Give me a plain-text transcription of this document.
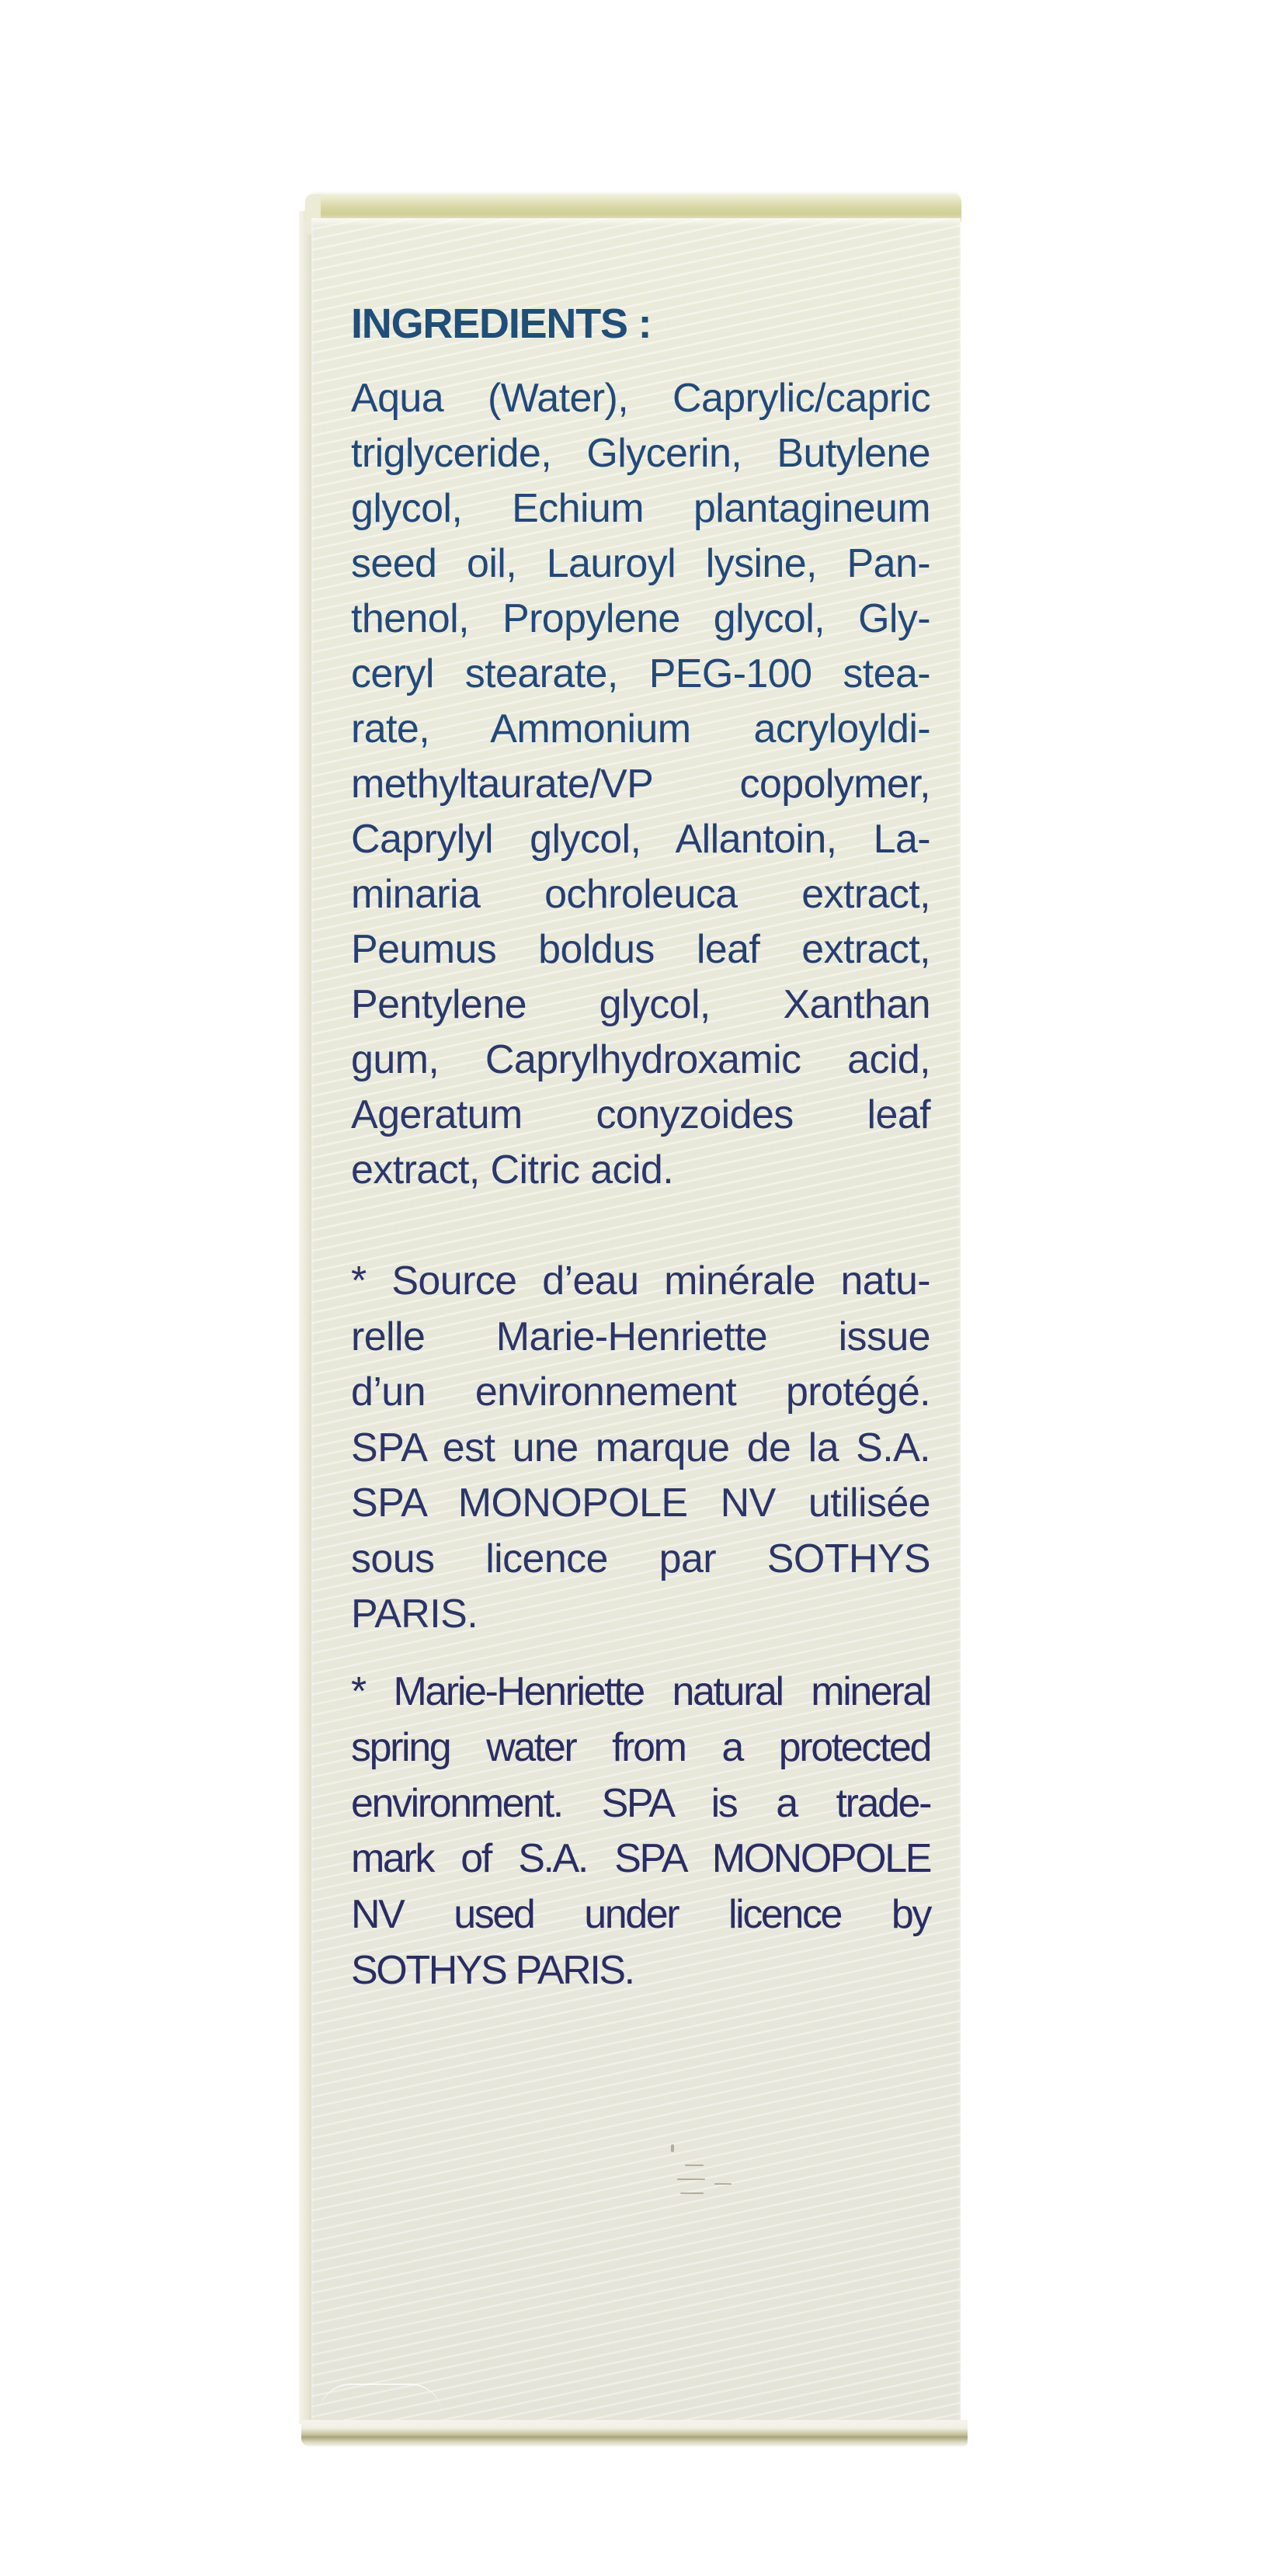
INGREDIENTS :
Aqua (Water), Caprylic/capric
triglyceride, Glycerin, Butylene
glycol, Echium plantagineum
seed oil, Lauroyl lysine, Pan-
thenol, Propylene glycol, Gly-
ceryl stearate, PEG-100 stea-
rate, Ammonium acryloyldi-
methyltaurate/VP copolymer,
Caprylyl glycol, Allantoin, La-
minaria ochroleuca extract,
Peumus boldus leaf extract,
Pentylene glycol, Xanthan
gum, Caprylhydroxamic acid,
Ageratum conyzoides leaf
extract, Citric acid.
* Source d’eau minérale natu-
relle Marie-Henriette issue
d’un environnement protégé.
SPA est une marque de la S.A.
SPA MONOPOLE NV utilisée
sous licence par SOTHYS
PARIS.
* Marie-Henriette natural mineral
spring water from a protected
environment. SPA is a trade-
mark of S.A. SPA MONOPOLE
NV used under licence by
SOTHYS PARIS.
